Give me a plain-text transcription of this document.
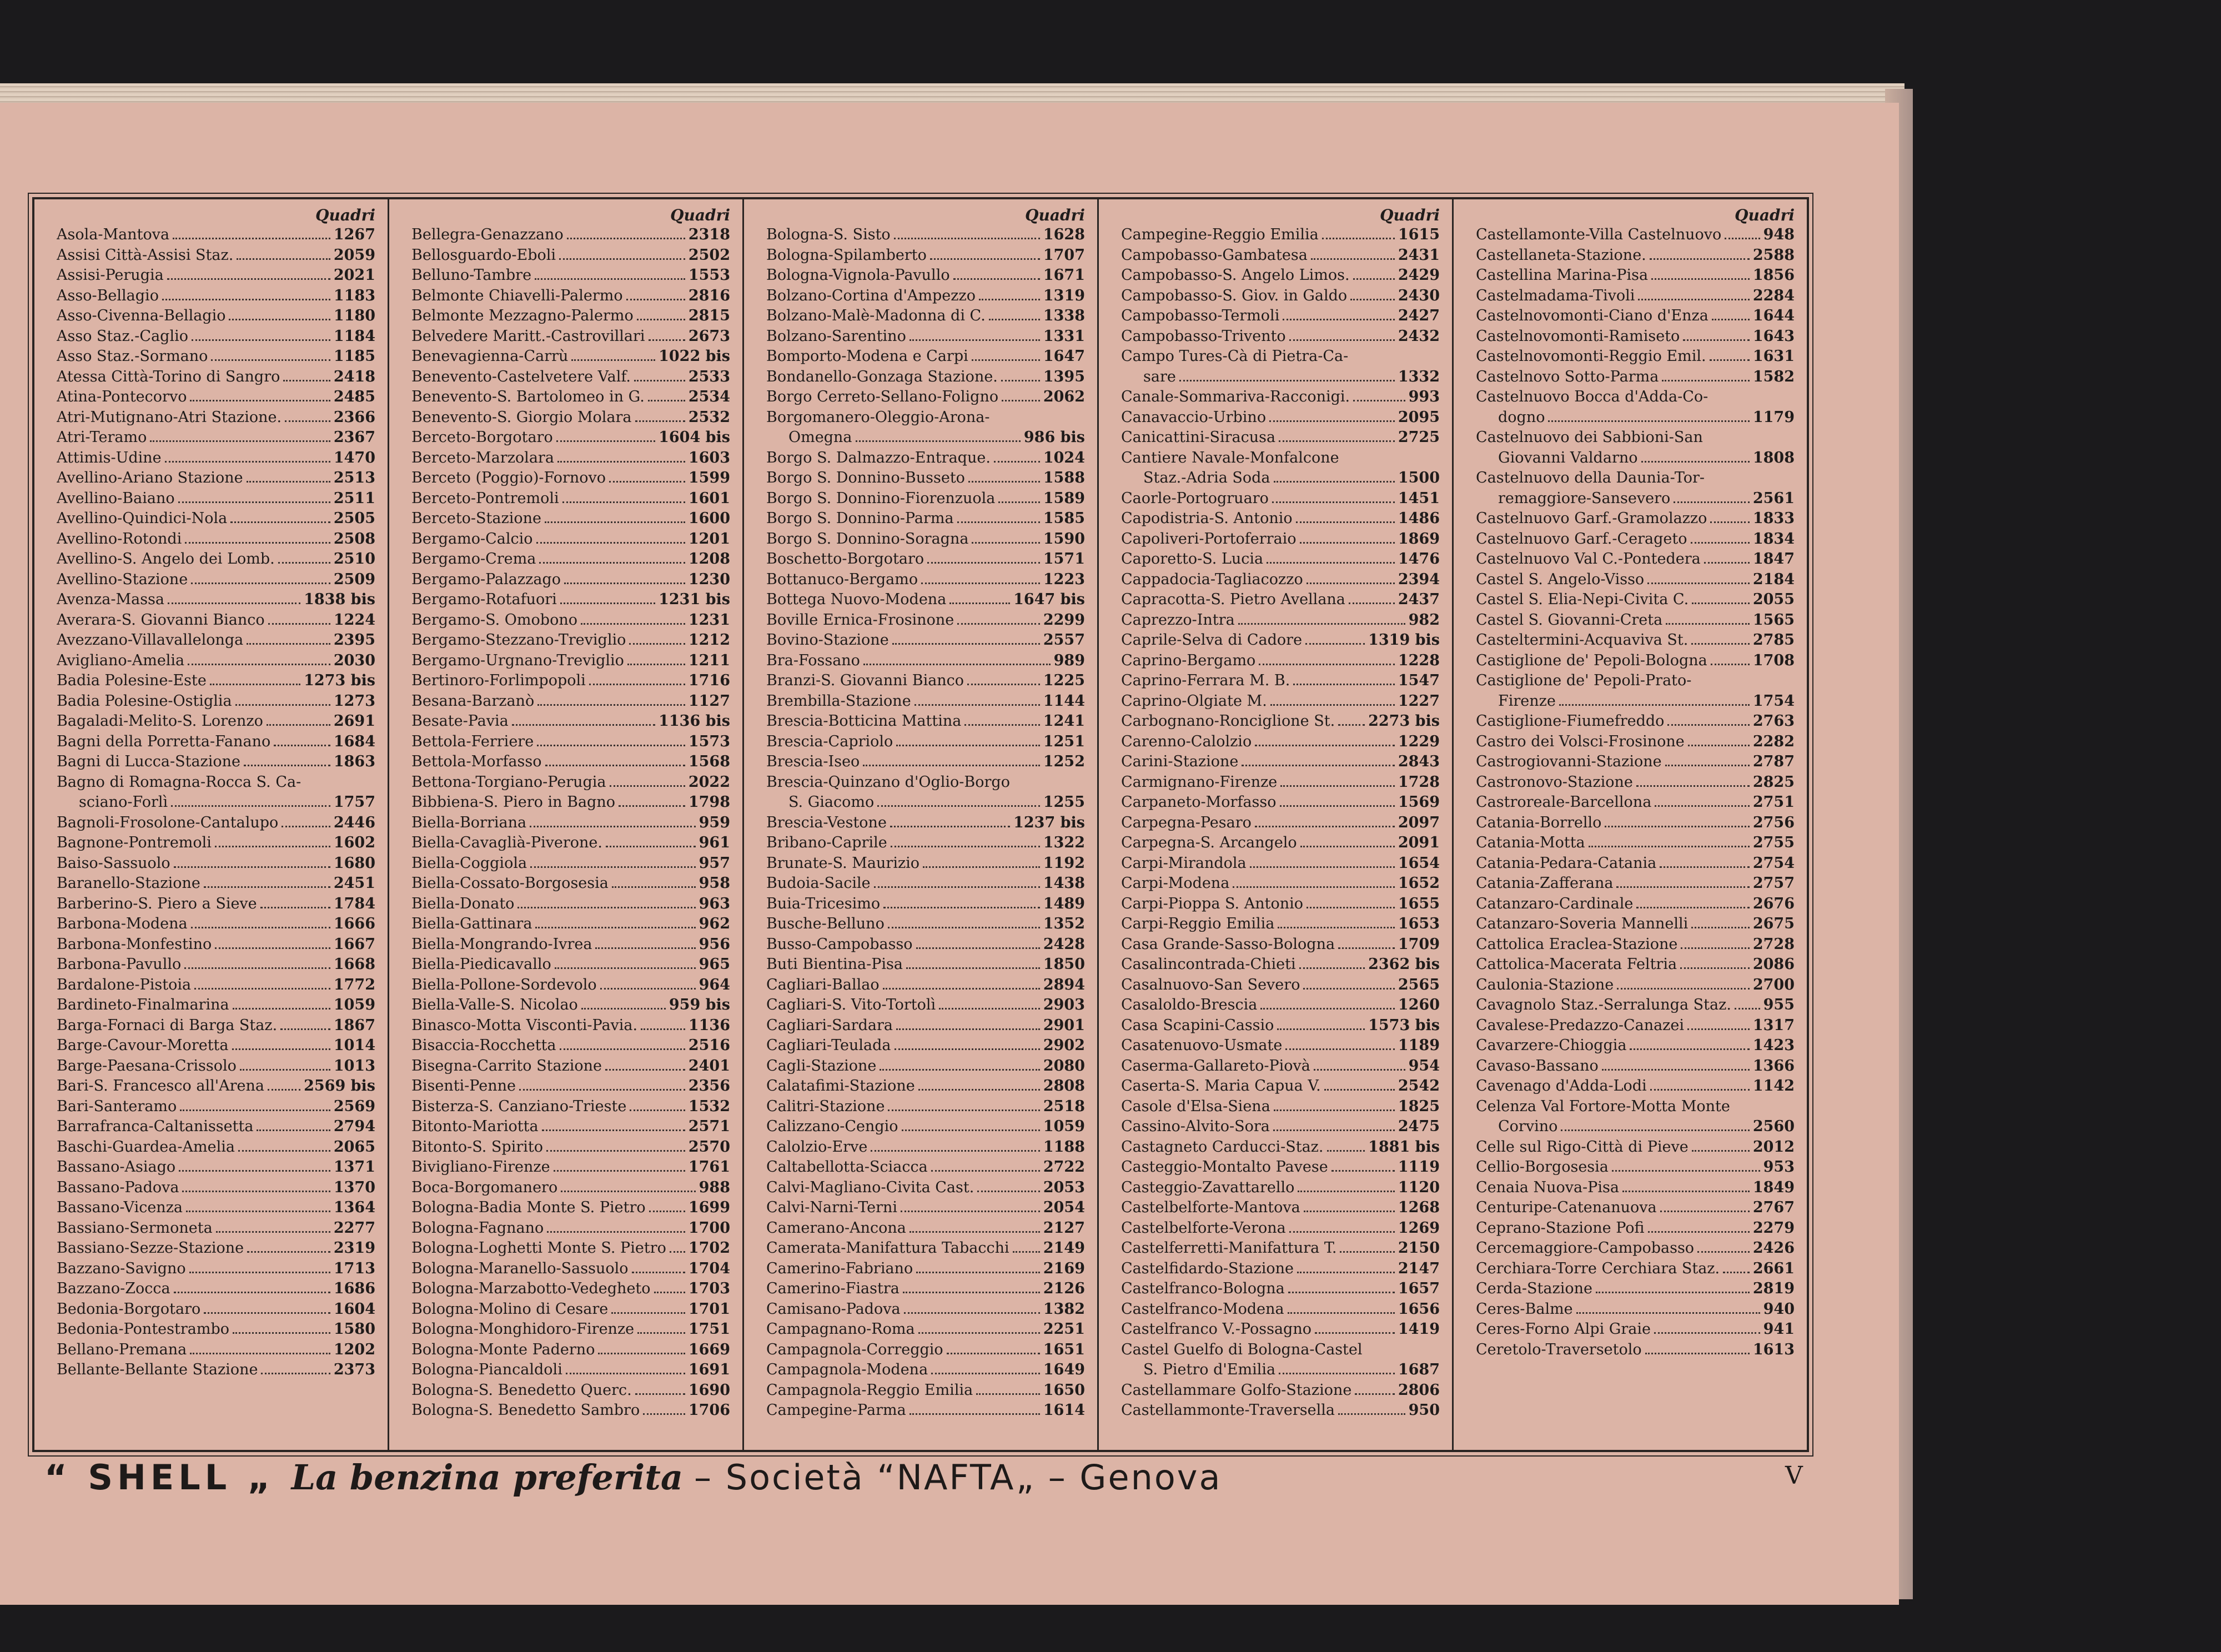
Quadri
Asola-Mantova	1267
Assisi Città-Assisi Staz.	2059
Assisi-Perugia	2021
Asso-Bellagio	1183
Asso-Civenna-Bellagio	1180
Asso Staz.-Caglio	1184
Asso Staz.-Sormano	1185
Atessa Città-Torino di Sangro	2418
Atina-Pontecorvo	2485
Atri-Mutignano-Atri Stazione.	2366
Atri-Teramo	2367
Attimis-Udine	1470
Avellino-Ariano Stazione	2513
Avellino-Baiano	2511
Avellino-Quindici-Nola	2505
Avellino-Rotondi	2508
Avellino-S. Angelo dei Lomb.	2510
Avellino-Stazione	2509
Avenza-Massa	1838 bis
Averara-S. Giovanni Bianco	1224
Avezzano-Villavallelonga	2395
Avigliano-Amelia	2030
Badia Polesine-Este	1273 bis
Badia Polesine-Ostiglia	1273
Bagaladi-Melito-S. Lorenzo	2691
Bagni della Porretta-Fanano	1684
Bagni di Lucca-Stazione	1863
Bagno di Romagna-Rocca S. Ca-
sciano-Forlì	1757
Bagnoli-Frosolone-Cantalupo	2446
Bagnone-Pontremoli	1602
Baiso-Sassuolo	1680
Baranello-Stazione	2451
Barberino-S. Piero a Sieve	1784
Barbona-Modena	1666
Barbona-Monfestino	1667
Barbona-Pavullo	1668
Bardalone-Pistoia	1772
Bardineto-Finalmarina	1059
Barga-Fornaci di Barga Staz.	1867
Barge-Cavour-Moretta	1014
Barge-Paesana-Crissolo	1013
Bari-S. Francesco all'Arena	2569 bis
Bari-Santeramo	2569
Barrafranca-Caltanissetta	2794
Baschi-Guardea-Amelia	2065
Bassano-Asiago	1371
Bassano-Padova	1370
Bassano-Vicenza	1364
Bassiano-Sermoneta	2277
Bassiano-Sezze-Stazione	2319
Bazzano-Savigno	1713
Bazzano-Zocca	1686
Bedonia-Borgotaro	1604
Bedonia-Pontestrambo	1580
Bellano-Premana	1202
Bellante-Bellante Stazione	2373
Quadri
Bellegra-Genazzano	2318
Bellosguardo-Eboli	2502
Belluno-Tambre	1553
Belmonte Chiavelli-Palermo	2816
Belmonte Mezzagno-Palermo	2815
Belvedere Maritt.-Castrovillari	2673
Benevagienna-Carrù	1022 bis
Benevento-Castelvetere Valf.	2533
Benevento-S. Bartolomeo in G.	2534
Benevento-S. Giorgio Molara	2532
Berceto-Borgotaro	1604 bis
Berceto-Marzolara	1603
Berceto (Poggio)-Fornovo	1599
Berceto-Pontremoli	1601
Berceto-Stazione	1600
Bergamo-Calcio	1201
Bergamo-Crema	1208
Bergamo-Palazzago	1230
Bergamo-Rotafuori	1231 bis
Bergamo-S. Omobono	1231
Bergamo-Stezzano-Treviglio	1212
Bergamo-Urgnano-Treviglio	1211
Bertinoro-Forlimpopoli	1716
Besana-Barzanò	1127
Besate-Pavia	1136 bis
Bettola-Ferriere	1573
Bettola-Morfasso	1568
Bettona-Torgiano-Perugia	2022
Bibbiena-S. Piero in Bagno	1798
Biella-Borriana	959
Biella-Cavaglià-Piverone.	961
Biella-Coggiola	957
Biella-Cossato-Borgosesia	958
Biella-Donato	963
Biella-Gattinara	962
Biella-Mongrando-Ivrea	956
Biella-Piedicavallo	965
Biella-Pollone-Sordevolo	964
Biella-Valle-S. Nicolao	959 bis
Binasco-Motta Visconti-Pavia.	1136
Bisaccia-Rocchetta	2516
Bisegna-Carrito Stazione	2401
Bisenti-Penne	2356
Bisterza-S. Canziano-Trieste	1532
Bitonto-Mariotta	2571
Bitonto-S. Spirito	2570
Bivigliano-Firenze	1761
Boca-Borgomanero	988
Bologna-Badia Monte S. Pietro	1699
Bologna-Fagnano	1700
Bologna-Loghetti Monte S. Pietro 1702
Bologna-Maranello-Sassuolo	1704
Bologna-Marzabotto-Vedegheto	1703
Bologna-Molino di Cesare	1701
Bologna-Monghidoro-Firenze	1751
Bologna-Monte Paderno	1669
Bologna-Piancaldoli	1691
Bologna-S. Benedetto Querc.	1690
Bologna-S. Benedetto Sambro	1706
Quadri
Bologna-S. Sisto	1628
Bologna-Spilamberto	1707
Bologna-Vignola-Pavullo	1671
Bolzano-Cortina d'Ampezzo	1319
Bolzano-Malè-Madonna di C.	1338
Bolzano-Sarentino	1331
Bomporto-Modena e Carpi	1647
Bondanello-Gonzaga Stazione.	1395
Borgo Cerreto-Sellano-Foligno	2062
Borgomanero-Oleggio-Arona-
Omegna	986 bis
Borgo S. Dalmazzo-Entraque.	1024
Borgo S. Donnino-Busseto	1588
Borgo S. Donnino-Fiorenzuola	1589
Borgo S. Donnino-Parma	1585
Borgo S. Donnino-Soragna	1590
Boschetto-Borgotaro	1571
Bottanuco-Bergamo	1223
Bottega Nuovo-Modena	1647 bis
Boville Ernica-Frosinone	2299
Bovino-Stazione	2557
Bra-Fossano	989
Branzi-S. Giovanni Bianco	1225
Brembilla-Stazione	1144
Brescia-Botticina Mattina	1241
Brescia-Capriolo	1251
Brescia-Iseo	1252
Brescia-Quinzano d'Oglio-Borgo
S. Giacomo	1255
Brescia-Vestone	1237 bis
Bribano-Caprile	1322
Brunate-S. Maurizio	1192
Budoia-Sacile	1438
Buia-Tricesimo	1489
Busche-Belluno	1352
Busso-Campobasso	2428
Buti Bientina-Pisa	1850
Cagliari-Ballao	2894
Cagliari-S. Vito-Tortolì	2903
Cagliari-Sardara	2901
Cagliari-Teulada	2902
Cagli-Stazione	2080
Calatafimi-Stazione	2808
Calitri-Stazione	2518
Calizzano-Cengio	1059
Calolzio-Erve	1188
Caltabellotta-Sciacca	2722
Calvi-Magliano-Civita Cast.	2053
Calvi-Narni-Terni	2054
Camerano-Ancona	2127
Camerata-Manifattura Tabacchi 2149
Camerino-Fabriano	2169
Camerino-Fiastra	2126
Camisano-Padova	1382
Campagnano-Roma	2251
Campagnola-Correggio	1651
Campagnola-Modena	1649
Campagnola-Reggio Emilia	1650
Campegine-Parma	1614
Quadri
Campegine-Reggio Emilia	1615
Campobasso-Gambatesa	2431
Campobasso-S. Angelo Limos.	2429
Campobasso-S. Giov. in Galdo	2430
Campobasso-Termoli	2427
Campobasso-Trivento	2432
Campo Tures-Cà di Pietra-Ca-
sare	1332
Canale-Sommariva-Racconigi.	993
Canavaccio-Urbino	2095
Canicattini-Siracusa	2725
Cantiere Navale-Monfalcone
Staz.-Adria Soda	1500
Caorle-Portogruaro	1451
Capodistria-S. Antonio	1486
Capoliveri-Portoferraio	1869
Caporetto-S. Lucia	1476
Cappadocia-Tagliacozzo	2394
Capracotta-S. Pietro Avellana	2437
Caprezzo-Intra	982
Caprile-Selva di Cadore	1319 bis
Caprino-Bergamo	1228
Caprino-Ferrara M. B.	1547
Caprino-Olgiate M.	1227
Carbognano-Ronciglione St. 2273 bis
Carenno-Calolzio	1229
Carini-Stazione	2843
Carmignano-Firenze	1728
Carpaneto-Morfasso	1569
Carpegna-Pesaro	2097
Carpegna-S. Arcangelo	2091
Carpi-Mirandola	1654
Carpi-Modena	1652
Carpi-Pioppa S. Antonio	1655
Carpi-Reggio Emilia	1653
Casa Grande-Sasso-Bologna	1709
Casalincontrada-Chieti	2362 bis
Casalnuovo-San Severo	2565
Casaloldo-Brescia	1260
Casa Scapini-Cassio	1573 bis
Casatenuovo-Usmate	1189
Caserma-Gallareto-Piovà	954
Caserta-S. Maria Capua V.	2542
Casole d'Elsa-Siena	1825
Cassino-Alvito-Sora	2475
Castagneto Carducci-Staz.	1881 bis
Casteggio-Montalto Pavese	1119
Casteggio-Zavattarello	1120
Castelbelforte-Mantova	1268
Castelbelforte-Verona	1269
Castelferretti-Manifattura T.	2150
Castelfidardo-Stazione	2147
Castelfranco-Bologna	1657
Castelfranco-Modena	1656
Castelfranco V.-Possagno	1419
Castel Guelfo di Bologna-Castel
S. Pietro d'Emilia	1687
Castellammare Golfo-Stazione	2806
Castellammonte-Traversella	950
Quadri
Castellamonte-Villa Castelnuovo	948
Castellaneta-Stazione.	2588
Castellina Marina-Pisa	1856
Castelmadama-Tivoli	2284
Castelnovomonti-Ciano d'Enza	1644
Castelnovomonti-Ramiseto	1643
Castelnovomonti-Reggio Emil.	1631
Castelnovo Sotto-Parma	1582
Castelnuovo Bocca d'Adda-Co-
dogno	1179
Castelnuovo dei Sabbioni-San
Giovanni Valdarno	1808
Castelnuovo della Daunia-Tor-
remaggiore-Sansevero	2561
Castelnuovo Garf.-Gramolazzo	1833
Castelnuovo Garf.-Cerageto	1834
Castelnuovo Val C.-Pontedera	1847
Castel S. Angelo-Visso	2184
Castel S. Elia-Nepi-Civita C.	2055
Castel S. Giovanni-Creta	1565
Casteltermini-Acquaviva St.	2785
Castiglione de' Pepoli-Bologna	1708
Castiglione de' Pepoli-Prato-
Firenze	1754
Castiglione-Fiumefreddo	2763
Castro dei Volsci-Frosinone	2282
Castrogiovanni-Stazione	2787
Castronovo-Stazione	2825
Castroreale-Barcellona	2751
Catania-Borrello	2756
Catania-Motta	2755
Catania-Pedara-Catania	2754
Catania-Zafferana	2757
Catanzaro-Cardinale	2676
Catanzaro-Soveria Mannelli	2675
Cattolica Eraclea-Stazione	2728
Cattolica-Macerata Feltria	2086
Caulonia-Stazione	2700
Cavagnolo Staz.-Serralunga Staz. 955
Cavalese-Predazzo-Canazei	1317
Cavarzere-Chioggia	1423
Cavaso-Bassano	1366
Cavenago d'Adda-Lodi	1142
Celenza Val Fortore-Motta Monte
Corvino	2560
Celle sul Rigo-Città di Pieve	2012
Cellio-Borgosesia	953
Cenaia Nuova-Pisa	1849
Centuripe-Catenanuova	2767
Ceprano-Stazione Pofi	2279
Cercemaggiore-Campobasso	2426
Cerchiara-Torre Cerchiara Staz. 2661
Cerda-Stazione	2819
Ceres-Balme	940
Ceres-Forno Alpi Graie	941
Ceretolo-Traversetolo	1613
“ SHELL „ La benzina preferita – Società “NAFTA„ – Genova	V
